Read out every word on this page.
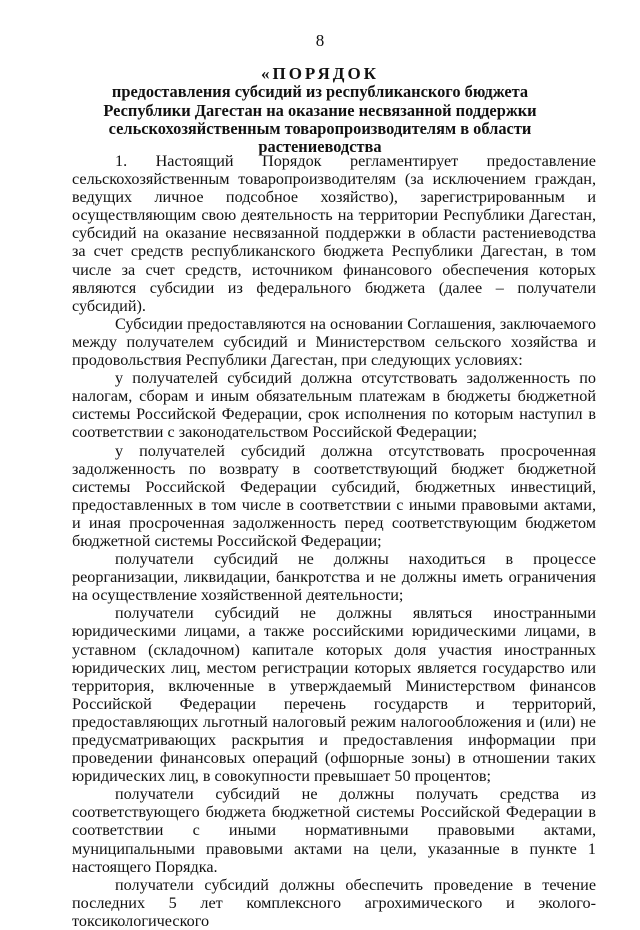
8
«ПОРЯДОК
предоставления субсидий из республиканского бюджета Республики Дагестан на оказание несвязанной поддержки сельскохозяйственным товаропроизводителям в области растениеводства

1. Настоящий Порядок регламентирует предоставление сельскохозяйственным товаропроизводителям (за исключением граждан, ведущих личное подсобное хозяйство), зарегистрированным и осуществляющим свою деятельность на территории Республики Дагестан, субсидий на оказание несвязанной поддержки в области растениеводства за счет средств республиканского бюджета Республики Дагестан, в том числе за счет средств, источником финансового обеспечения которых являются субсидии из федерального бюджета (далее – получатели субсидий).

Субсидии предоставляются на основании Соглашения, заключаемого между получателем субсидий и Министерством сельского хозяйства и продовольствия Республики Дагестан, при следующих условиях:

у получателей субсидий должна отсутствовать задолженность по налогам, сборам и иным обязательным платежам в бюджеты бюджетной системы Российской Федерации, срок исполнения по которым наступил в соответствии с законодательством Российской Федерации;

у получателей субсидий должна отсутствовать просроченная задолженность по возврату в соответствующий бюджет бюджетной системы Российской Федерации субсидий, бюджетных инвестиций, предоставленных в том числе в соответствии с иными правовыми актами, и иная просроченная задолженность перед соответствующим бюджетом бюджетной системы Российской Федерации;

получатели субсидий не должны находиться в процессе реорганизации, ликвидации, банкротства и не должны иметь ограничения на осуществление хозяйственной деятельности;

получатели субсидий не должны являться иностранными юридическими лицами, а также российскими юридическими лицами, в уставном (складочном) капитале которых доля участия иностранных юридических лиц, местом регистрации которых является государство или территория, включенные в утверждаемый Министерством финансов Российской Федерации перечень государств и территорий, предоставляющих льготный налоговый режим налогообложения и (или) не предусматривающих раскрытия и предоставления информации при проведении финансовых операций (офшорные зоны) в отношении таких юридических лиц, в совокупности превышает 50 процентов;

получатели субсидий не должны получать средства из соответствующего бюджета бюджетной системы Российской Федерации в соответствии с иными нормативными правовыми актами, муниципальными правовыми актами на цели, указанные в пункте 1 настоящего Порядка.

получатели субсидий должны обеспечить проведение в течение последних 5 лет комплексного агрохимического и эколого-токсикологического
